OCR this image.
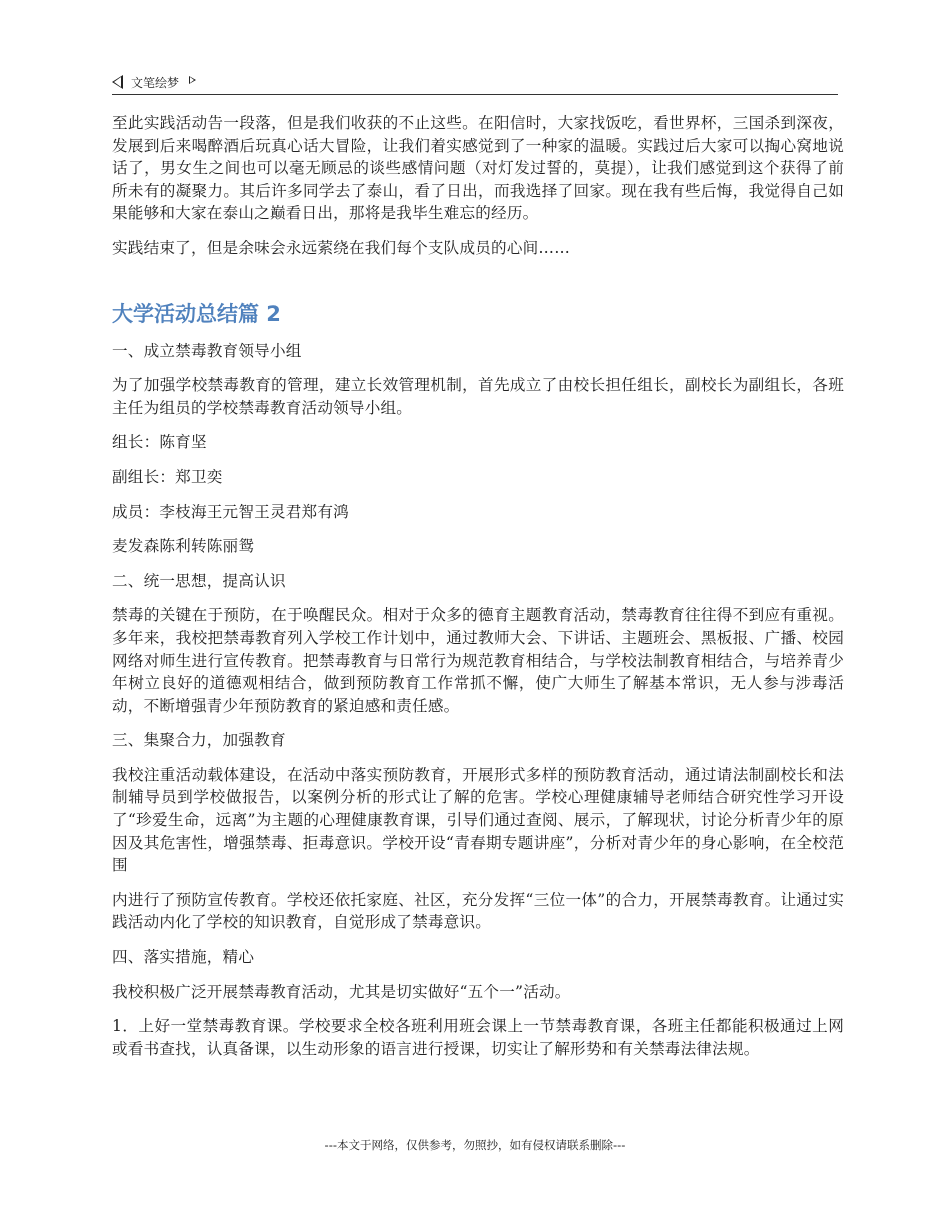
文笔绘梦

至此实践活动告一段落，但是我们收获的不止这些。在阳信时，大家找饭吃，看世界杯，三国杀到深夜，发展到后来喝醉酒后玩真心话大冒险，让我们着实感觉到了一种家的温暖。实践过后大家可以掏心窝地说话了，男女生之间也可以毫无顾忌的谈些感情问题（对灯发过誓的，莫提），让我们感觉到这个获得了前所未有的凝聚力。其后许多同学去了泰山，看了日出，而我选择了回家。现在我有些后悔，我觉得自己如果能够和大家在泰山之巅看日出，那将是我毕生难忘的经历。

实践结束了，但是余味会永远萦绕在我们每个支队成员的心间……

大学活动总结篇 2

一、成立禁毒教育领导小组

为了加强学校禁毒教育的管理，建立长效管理机制，首先成立了由校长担任组长，副校长为副组长，各班主任为组员的学校禁毒教育活动领导小组。

组长：陈育坚

副组长：郑卫奕

成员：李枝海王元智王灵君郑有鸿

麦发森陈利转陈丽鸳

二、统一思想，提高认识

禁毒的关键在于预防，在于唤醒民众。相对于众多的德育主题教育活动，禁毒教育往往得不到应有重视。多年来，我校把禁毒教育列入学校工作计划中，通过教师大会、下讲话、主题班会、黑板报、广播、校园网络对师生进行宣传教育。把禁毒教育与日常行为规范教育相结合，与学校法制教育相结合，与培养青少年树立良好的道德观相结合，做到预防教育工作常抓不懈，使广大师生了解基本常识，无人参与涉毒活动，不断增强青少年预防教育的紧迫感和责任感。

三、集聚合力，加强教育

我校注重活动载体建设，在活动中落实预防教育，开展形式多样的预防教育活动，通过请法制副校长和法制辅导员到学校做报告，以案例分析的形式让了解的危害。学校心理健康辅导老师结合研究性学习开设了“珍爱生命，远离”为主题的心理健康教育课，引导们通过查阅、展示，了解现状，讨论分析青少年的原因及其危害性，增强禁毒、拒毒意识。学校开设“青春期专题讲座”，分析对青少年的身心影响，在全校范围

内进行了预防宣传教育。学校还依托家庭、社区，充分发挥“三位一体”的合力，开展禁毒教育。让通过实践活动内化了学校的知识教育，自觉形成了禁毒意识。

四、落实措施，精心

我校积极广泛开展禁毒教育活动，尤其是切实做好“五个一”活动。

1．上好一堂禁毒教育课。学校要求全校各班利用班会课上一节禁毒教育课，各班主任都能积极通过上网或看书查找，认真备课，以生动形象的语言进行授课，切实让了解形势和有关禁毒法律法规。

---本文于网络，仅供参考，勿照抄，如有侵权请联系删除---
